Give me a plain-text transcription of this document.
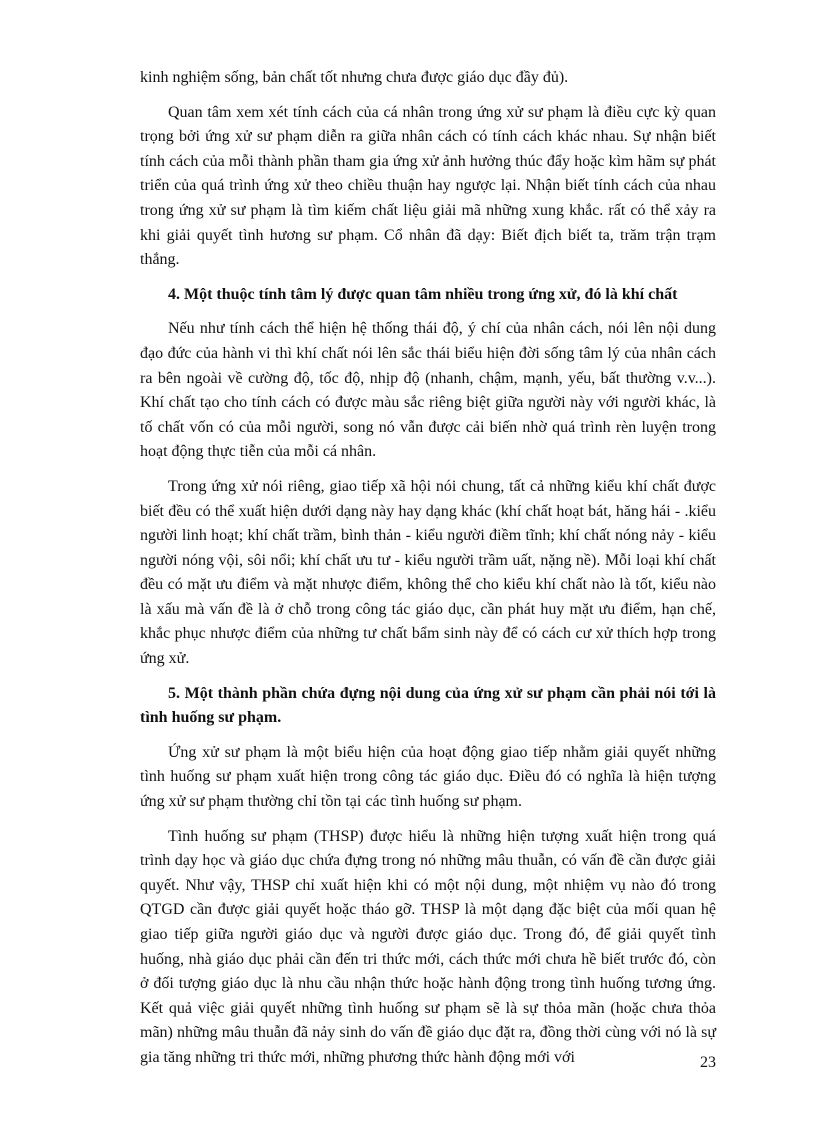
kinh nghiệm sống, bản chất tốt nhưng chưa được giáo dục đầy đủ).

Quan tâm xem xét tính cách của cá nhân trong ứng xử sư phạm là điều cực kỳ quan trọng bởi ứng xử sư phạm diễn ra giữa nhân cách có tính cách khác nhau. Sự nhận biết tính cách của mỗi thành phần tham gia ứng xử ảnh hưởng thúc đẩy hoặc kìm hãm sự phát triển của quá trình ứng xử theo chiều thuận hay ngược lại. Nhận biết tính cách của nhau trong ứng xử sư phạm là tìm kiếm chất liệu giải mã những xung khắc. rất có thể xảy ra khi giải quyết tình hương sư phạm. Cổ nhân đã dạy: Biết địch biết ta, trăm trận trạm thắng.

4. Một thuộc tính tâm lý được quan tâm nhiều trong ứng xử, đó là khí chất

Nếu như tính cách thể hiện hệ thống thái độ, ý chí của nhân cách, nói lên nội dung đạo đức của hành vi thì khí chất nói lên sắc thái biểu hiện đời sống tâm lý của nhân cách ra bên ngoài về cường độ, tốc độ, nhịp độ (nhanh, chậm, mạnh, yếu, bất thường v.v...). Khí chất tạo cho tính cách có được màu sắc riêng biệt giữa người này với người khác, là tố chất vốn có của mỗi người, song nó vẫn được cải biến nhờ quá trình rèn luyện trong hoạt động thực tiễn của mỗi cá nhân.

Trong ứng xử nói riêng, giao tiếp xã hội nói chung, tất cả những kiểu khí chất được biết đều có thể xuất hiện dưới dạng này hay dạng khác (khí chất hoạt bát, hăng hái - .kiểu người linh hoạt; khí chất trầm, bình thản - kiểu người điềm tĩnh; khí chất nóng nảy - kiểu người nóng vội, sôi nổi; khí chất ưu tư - kiểu người trầm uất, nặng nề). Mỗi loại khí chất đều có mặt ưu điểm và mặt nhược điểm, không thể cho kiểu khí chất nào là tốt, kiểu nào là xấu mà vấn đề là ở chỗ trong công tác giáo dục, cần phát huy mặt ưu điểm, hạn chế, khắc phục nhược điểm của những tư chất bẩm sinh này để có cách cư xử thích hợp trong ứng xử.

5. Một thành phần chứa đựng nội dung của ứng xử sư phạm cần phải nói tới là tình huống sư phạm.

Ứng xử sư phạm là một biểu hiện của hoạt động giao tiếp nhằm giải quyết những tình huống sư phạm xuất hiện trong công tác giáo dục. Điều đó có nghĩa là hiện tượng ứng xử sư phạm thường chỉ tồn tại các tình huống sư phạm.

Tình huống sư phạm (THSP) được hiểu là những hiện tượng xuất hiện trong quá trình dạy học và giáo dục chứa đựng trong nó những mâu thuẫn, có vấn đề cần được giải quyết. Như vậy, THSP chỉ xuất hiện khi có một nội dung, một nhiệm vụ nào đó trong QTGD cần được giải quyết hoặc tháo gỡ. THSP là một dạng đặc biệt của mối quan hệ giao tiếp giữa người giáo dục và người được giáo dục. Trong đó, để giải quyết tình huống, nhà giáo dục phải cần đến tri thức mới, cách thức mới chưa hề biết trước đó, còn ở đối tượng giáo dục là nhu cầu nhận thức hoặc hành động trong tình huống tương ứng. Kết quả việc giải quyết những tình huống sư phạm sẽ là sự thỏa mãn (hoặc chưa thỏa mãn) những mâu thuẫn đã nảy sinh do vấn đề giáo dục đặt ra, đồng thời cùng với nó là sự gia tăng những tri thức mới, những phương thức hành động mới với	23
